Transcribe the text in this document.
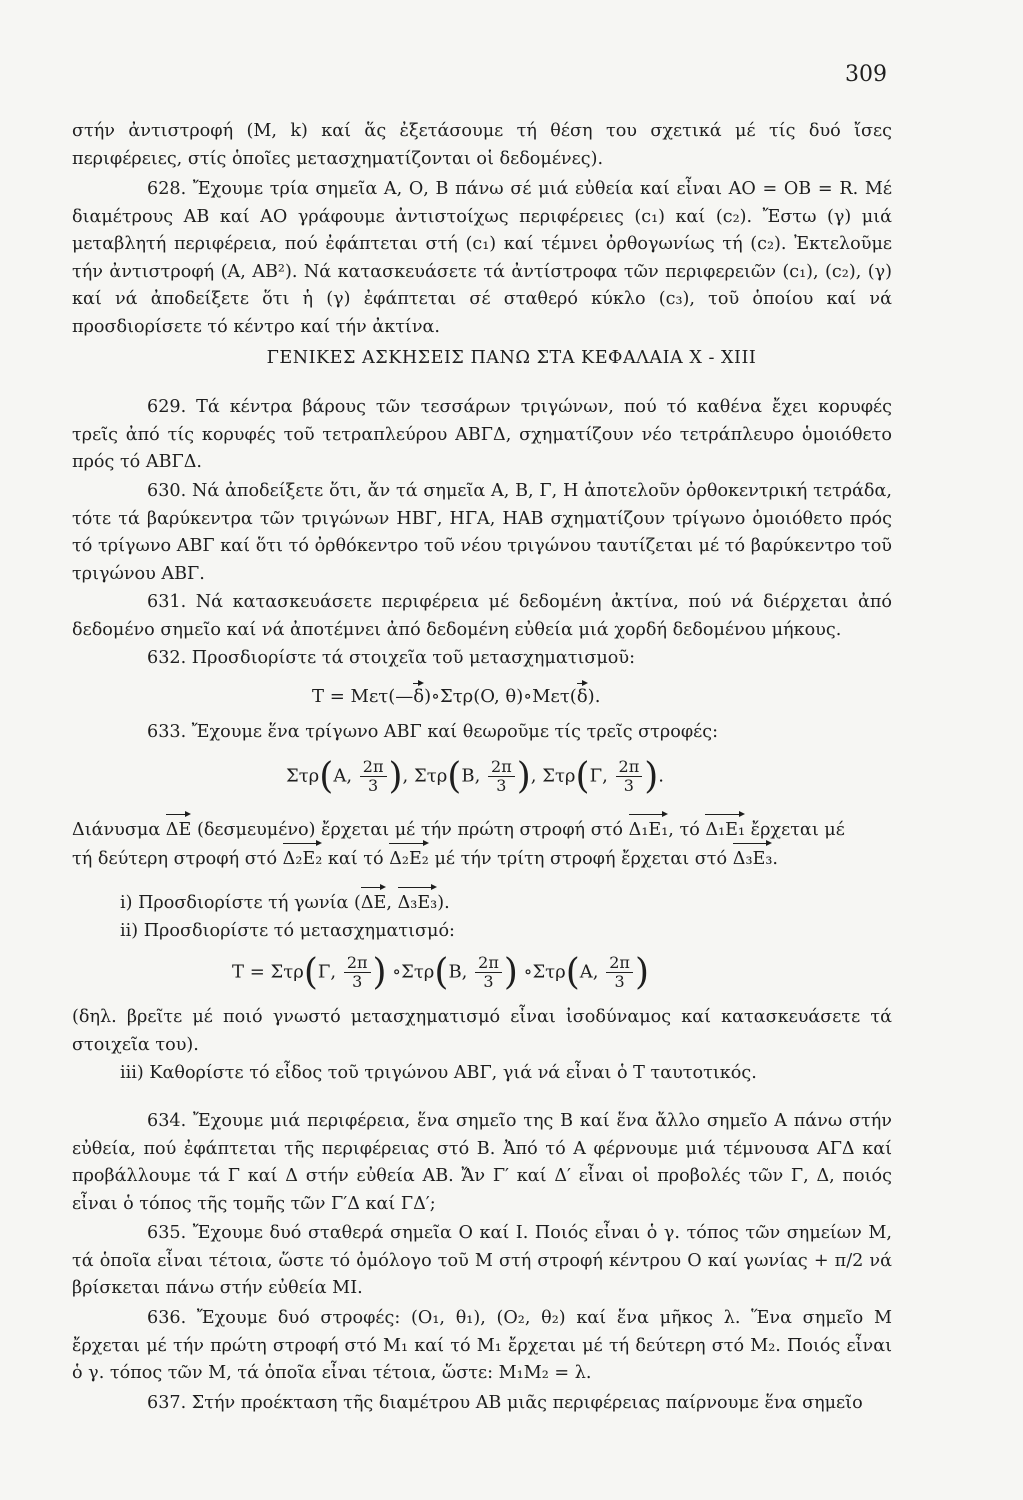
309
στήν ἀντιστροφή (Μ, k) καί ἅς ἐξετάσουμε τή θέση του σχετικά μέ τίς δυό ἴσες περιφέρειες, στίς ὁποῖες μετασχηματίζονται οἱ δεδομένες).
628. Ἔχουμε τρία σημεῖα Α, Ο, Β πάνω σέ μιά εὐθεία καί εἶναι ΑΟ = ΟΒ = R. Μέ διαμέτρους ΑΒ καί ΑΟ γράφουμε ἀντιστοίχως περιφέρειες (c₁) καί (c₂). Ἔστω (γ) μιά μεταβλητή περιφέρεια, πού ἐφάπτεται στή (c₁) καί τέμνει ὀρθογωνίως τή (c₂). Ἐκτελοῦμε τήν ἀντιστροφή (Α, ΑΒ²). Νά κατασκευάσετε τά ἀντίστροφα τῶν περιφερειῶν (c₁), (c₂), (γ) καί νά ἀποδείξετε ὅτι ἡ (γ) ἐφάπτεται σέ σταθερό κύκλο (c₃), τοῦ ὁποίου καί νά προσδιορίσετε τό κέντρο καί τήν ἀκτίνα.
ΓΕΝΙΚΕΣ ΑΣΚΗΣΕΙΣ ΠΑΝΩ ΣΤΑ ΚΕΦΑΛΑΙΑ X - XIII
629. Τά κέντρα βάρους τῶν τεσσάρων τριγώνων, πού τό καθένα ἔχει κορυφές τρεῖς ἀπό τίς κορυφές τοῦ τετραπλεύρου ΑΒΓΔ, σχηματίζουν νέο τετράπλευρο ὁμοιόθετο πρός τό ΑΒΓΔ.
630. Νά ἀποδείξετε ὅτι, ἄν τά σημεῖα Α, Β, Γ, Η ἀποτελοῦν ὀρθοκεντρική τετράδα, τότε τά βαρύκεντρα τῶν τριγώνων ΗΒΓ, ΗΓΑ, ΗΑΒ σχηματίζουν τρίγωνο ὁμοιόθετο πρός τό τρίγωνο ΑΒΓ καί ὅτι τό ὀρθόκεντρο τοῦ νέου τριγώνου ταυτίζεται μέ τό βαρύκεντρο τοῦ τριγώνου ΑΒΓ.
631. Νά κατασκευάσετε περιφέρεια μέ δεδομένη ἀκτίνα, πού νά διέρχεται ἀπό δεδομένο σημεῖο καί νά ἀποτέμνει ἀπό δεδομένη εὐθεία μιά χορδή δεδομένου μήκους.
632. Προσδιορίστε τά στοιχεῖα τοῦ μετασχηματισμοῦ:
T = Μετ(—δ)∘Στρ(O, θ)∘Μετ(δ).
633. Ἔχουμε ἕνα τρίγωνο ΑΒΓ καί θεωροῦμε τίς τρεῖς στροφές:
Στρ(Α, $\frac{2\pi}{3}$ ), Στρ(Β, $\frac{2\pi}{3}$ ), Στρ(Γ, $\frac{2\pi}{3}$ ).
Διάνυσμα ΔΕ (δεσμευμένο) ἔρχεται μέ τήν πρώτη στροφή στό Δ₁Ε₁, τό Δ₁Ε₁ ἔρχεται μέ
τή δεύτερη στροφή στό Δ₂Ε₂ καί τό Δ₂Ε₂ μέ τήν τρίτη στροφή ἔρχεται στό Δ₃Ε₃.
i) Προσδιορίστε τή γωνία (ΔΕ, Δ₃Ε₃).
ii) Προσδιορίστε τό μετασχηματισμό:
T = Στρ(Γ, $\frac{2\pi}{3}$ ) ∘Στρ(Β, $\frac{2\pi}{3}$ ) ∘Στρ(Α, $\frac{2\pi}{3}$ )
(δηλ. βρεῖτε μέ ποιό γνωστό μετασχηματισμό εἶναι ἰσοδύναμος καί κατασκευάσετε τά στοιχεῖα του).
iii) Καθορίστε τό εἶδος τοῦ τριγώνου ΑΒΓ, γιά νά εἶναι ὁ Τ ταυτοτικός.
634. Ἔχουμε μιά περιφέρεια, ἕνα σημεῖο της Β καί ἕνα ἄλλο σημεῖο Α πάνω στήν εὐθεία, πού ἐφάπτεται τῆς περιφέρειας στό Β. Ἀπό τό Α φέρνουμε μιά τέμνουσα ΑΓΔ καί προβάλλουμε τά Γ καί Δ στήν εὐθεία ΑΒ. Ἄν Γ′ καί Δ′ εἶναι οἱ προβολές τῶν Γ, Δ, ποιός εἶναι ὁ τόπος τῆς τομῆς τῶν Γ′Δ καί ΓΔ′;
635. Ἔχουμε δυό σταθερά σημεῖα Ο καί Ι. Ποιός εἶναι ὁ γ. τόπος τῶν σημείων Μ, τά ὁποῖα εἶναι τέτοια, ὥστε τό ὁμόλογο τοῦ Μ στή στροφή κέντρου Ο καί γωνίας + π/2 νά βρίσκεται πάνω στήν εὐθεία ΜΙ.
636. Ἔχουμε δυό στροφές: (Ο₁, θ₁), (Ο₂, θ₂) καί ἕνα μῆκος λ. Ἕνα σημεῖο Μ ἔρχεται μέ τήν πρώτη στροφή στό Μ₁ καί τό Μ₁ ἔρχεται μέ τή δεύτερη στό Μ₂. Ποιός εἶναι ὁ γ. τόπος τῶν Μ, τά ὁποῖα εἶναι τέτοια, ὥστε: Μ₁Μ₂ = λ.
637. Στήν προέκταση τῆς διαμέτρου ΑΒ μιᾶς περιφέρειας παίρνουμε ἕνα σημεῖο
